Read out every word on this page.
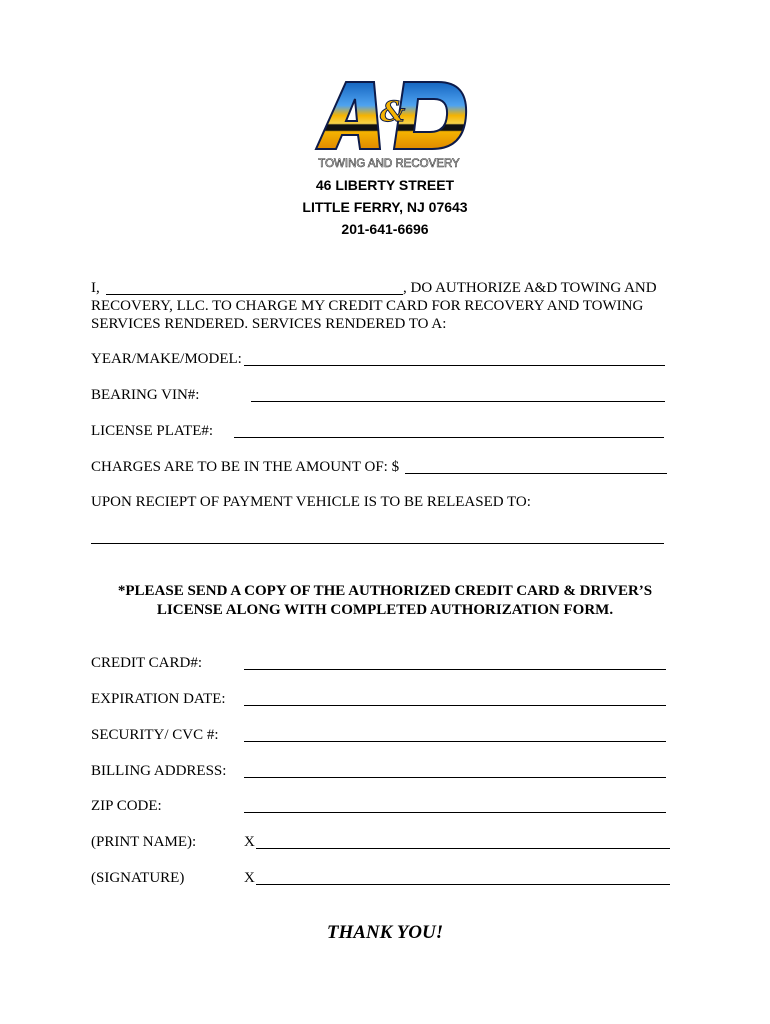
&
TOWING AND RECOVERY
46 LIBERTY STREET
LITTLE FERRY, NJ 07643
201-641-6696
I,	, DO AUTHORIZE A&D TOWING AND
RECOVERY, LLC. TO CHARGE MY CREDIT CARD FOR RECOVERY AND TOWING
SERVICES RENDERED. SERVICES RENDERED TO A:
YEAR/MAKE/MODEL:
BEARING VIN#:
LICENSE PLATE#:
CHARGES ARE TO BE IN THE AMOUNT OF: $
UPON RECIEPT OF PAYMENT VEHICLE IS TO BE RELEASED TO:
*PLEASE SEND A COPY OF THE AUTHORIZED CREDIT CARD & DRIVER’S
LICENSE ALONG WITH COMPLETED AUTHORIZATION FORM.
CREDIT CARD#:
EXPIRATION DATE:
SECURITY/ CVC #:
BILLING ADDRESS:
ZIP CODE:
(PRINT NAME):	X
(SIGNATURE)	X
THANK YOU!
